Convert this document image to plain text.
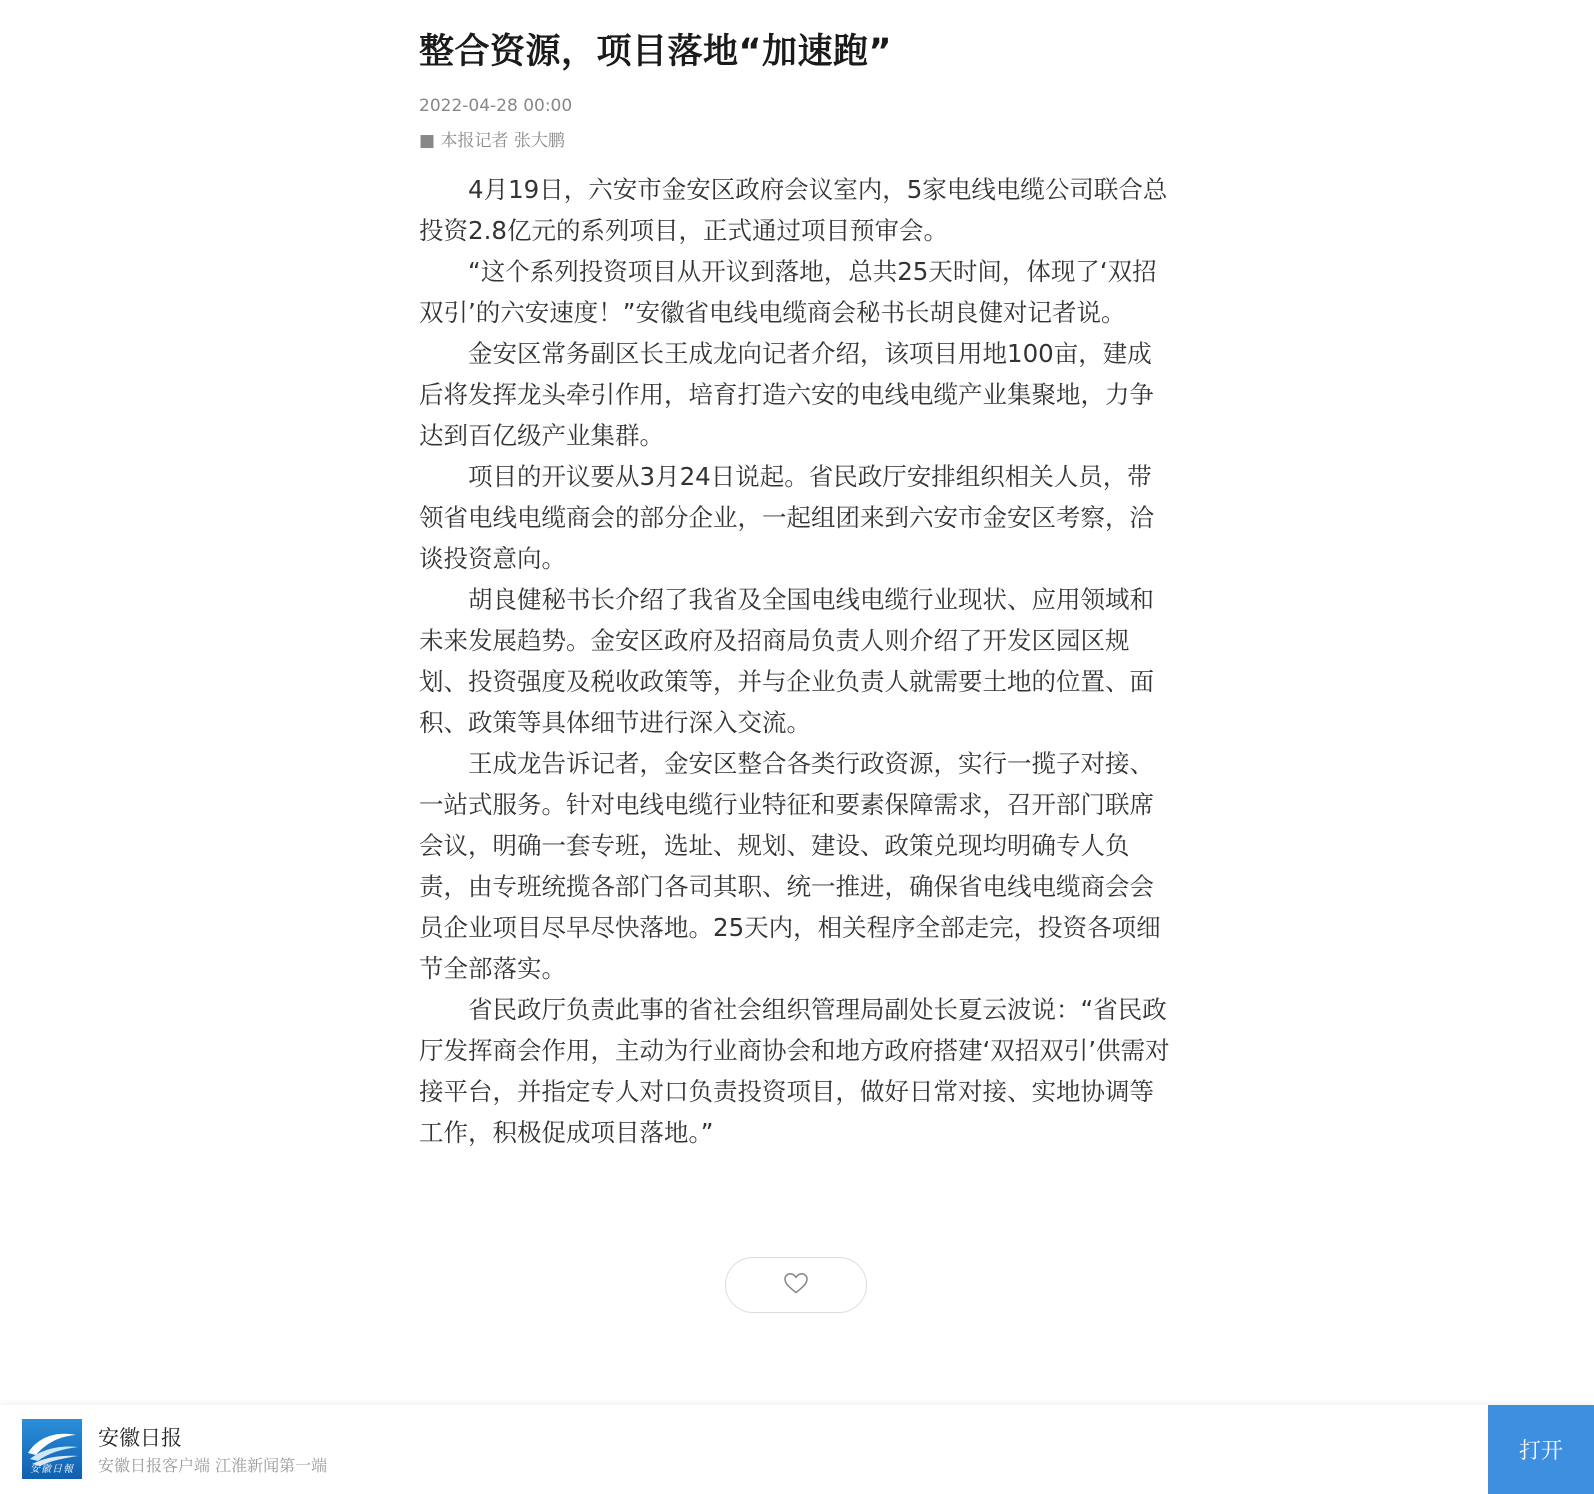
整合资源，项目落地“加速跑”
2022-04-28 00:00
■ 本报记者 张大鹏

4月19日，六安市金安区政府会议室内，5家电线电缆公司联合总投资2.8亿元的系列项目，正式通过项目预审会。

“这个系列投资项目从开议到落地，总共25天时间，体现了‘双招双引’的六安速度！”安徽省电线电缆商会秘书长胡良健对记者说。

金安区常务副区长王成龙向记者介绍，该项目用地100亩，建成后将发挥龙头牵引作用，培育打造六安的电线电缆产业集聚地，力争达到百亿级产业集群。

项目的开议要从3月24日说起。省民政厅安排组织相关人员，带领省电线电缆商会的部分企业，一起组团来到六安市金安区考察，洽谈投资意向。

胡良健秘书长介绍了我省及全国电线电缆行业现状、应用领域和未来发展趋势。金安区政府及招商局负责人则介绍了开发区园区规划、投资强度及税收政策等，并与企业负责人就需要土地的位置、面积、政策等具体细节进行深入交流。

王成龙告诉记者，金安区整合各类行政资源，实行一揽子对接、一站式服务。针对电线电缆行业特征和要素保障需求，召开部门联席会议，明确一套专班，选址、规划、建设、政策兑现均明确专人负责，由专班统揽各部门各司其职、统一推进，确保省电线电缆商会会员企业项目尽早尽快落地。25天内，相关程序全部走完，投资各项细节全部落实。

省民政厅负责此事的省社会组织管理局副处长夏云波说：“省民政厅发挥商会作用，主动为行业商协会和地方政府搭建‘双招双引’供需对接平台，并指定专人对口负责投资项目，做好日常对接、实地协调等工作，积极促成项目落地。”

安徽日報
安徽日报
安徽日报客户端 江淮新闻第一端
打开
